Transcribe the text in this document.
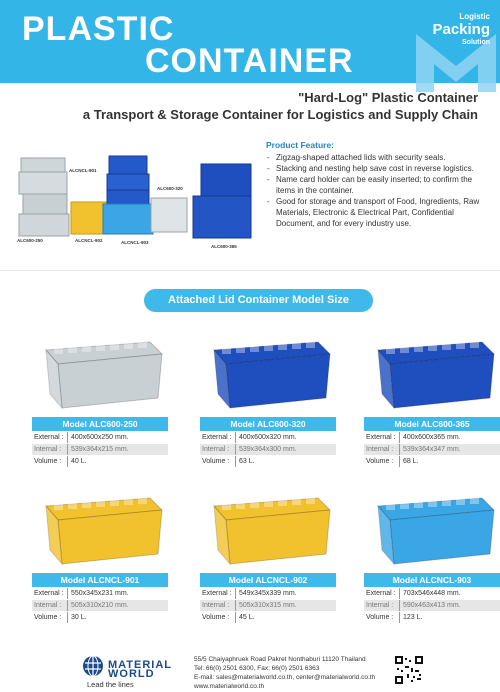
PLASTIC
CONTAINER
Logistic
Packing
Solution
"Hard-Log" Plastic Container
a Transport & Storage Container for Logistics and Supply Chain
ALCNCL-901
ALC600-320
ALC600-250	ALCNCL-902	ALCNCL-903
ALC600-365
Product Feature:
- Zigzag-shaped attached lids with security seals.
- Stacking and nesting help save cost in reverse logistics.
- Name card holder can be easily inserted; to confirm the items in the container.
- Good for storage and transport of Food, Ingredients, Raw Materials, Electronic & Electrical Part, Confidential Document, and for every industry use.
Attached Lid Container Model Size
Model ALC600-250
External :	400x600x250 mm.
Internal :	539x364x215 mm.
Volume :	40 L.
Model ALC600-320
External :	400x600x320 mm.
Internal :	539x364x300 mm.
Volume :	63 L.
Model ALC600-365
External :	400x600x365 mm.
Internal :	539x364x347 mm.
Volume :	68 L.
Model ALCNCL-901
External :	550x345x231 mm.
Internal :	505x310x210 mm.
Volume :	30 L.
Model ALCNCL-902
External :	549x345x339 mm.
Internal :	505x310x315 mm.
Volume :	45 L.
Model ALCNCL-903
External :	703x546x448 mm.
Internal :	590x463x413 mm.
Volume :	123 L.
MATERIAL
WORLD
Lead the lines
55/5 Chaiyaphruek Road Pakret Nonthaburi 11120 Thailand
Tel: 66(0) 2501 6300, Fax: 66(0) 2501 6363
E-mail: sales@materialworld.co.th, center@materialworld.co.th
www.materialworld.co.th
